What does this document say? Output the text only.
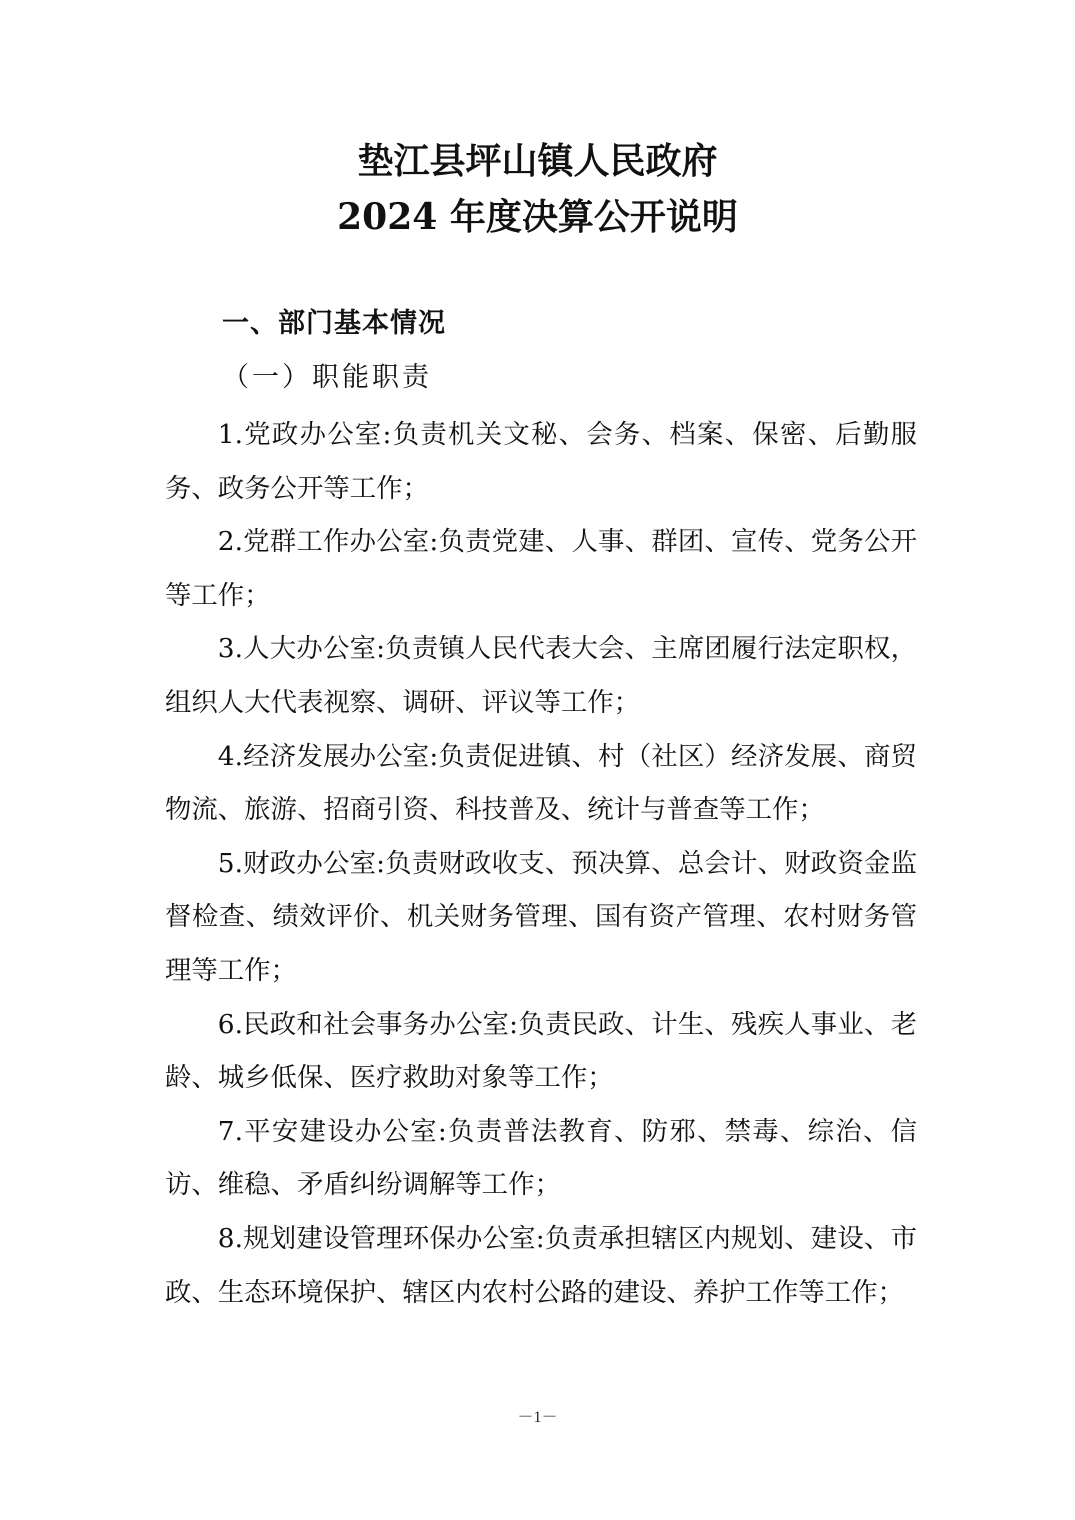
垫江县坪山镇人民政府
2024 年度决算公开说明
一、部门基本情况
（一）职能职责

1.党政办公室:负责机关文秘、会务、档案、保密、后勤服务、政务公开等工作；

2.党群工作办公室:负责党建、人事、群团、宣传、党务公开等工作；

3.人大办公室:负责镇人民代表大会、主席团履行法定职权，组织人大代表视察、调研、评议等工作；

4.经济发展办公室:负责促进镇、村（社区）经济发展、商贸物流、旅游、招商引资、科技普及、统计与普查等工作；

5.财政办公室:负责财政收支、预决算、总会计、财政资金监督检查、绩效评价、机关财务管理、国有资产管理、农村财务管理等工作；

6.民政和社会事务办公室:负责民政、计生、残疾人事业、老龄、城乡低保、医疗救助对象等工作；

7.平安建设办公室:负责普法教育、防邪、禁毒、综治、信访、维稳、矛盾纠纷调解等工作；

8.规划建设管理环保办公室:负责承担辖区内规划、建设、市政、生态环境保护、辖区内农村公路的建设、养护工作等工作；

－1－
